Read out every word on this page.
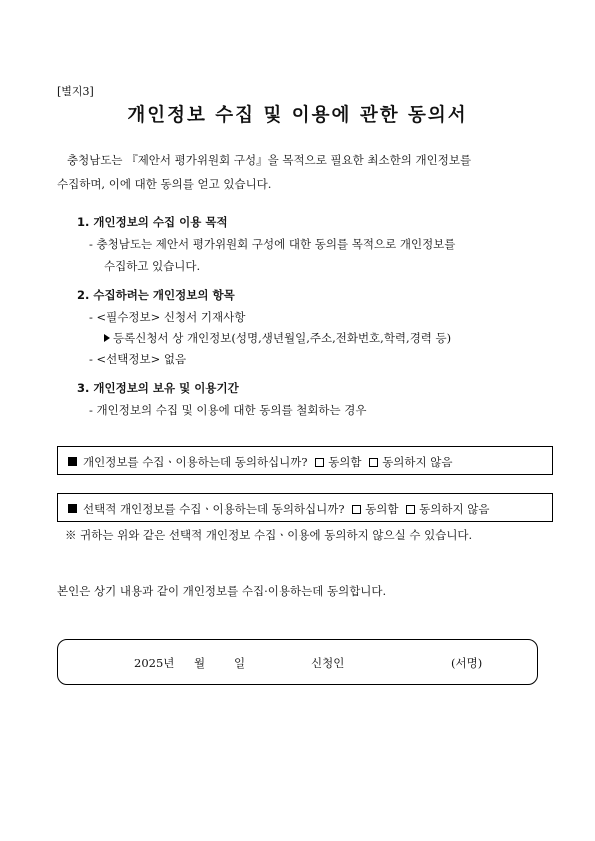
[별지3]
개인정보 수집 및 이용에 관한 동의서
충청남도는 『제안서 평가위원회 구성』을 목적으로 필요한 최소한의 개인정보를
수집하며, 이에 대한 동의를 얻고 있습니다.
1. 개인정보의 수집 이용 목적
- 충청남도는 제안서 평가위원회 구성에 대한 동의를 목적으로 개인정보를
수집하고 있습니다.
2. 수집하려는 개인정보의 항목
- <필수정보> 신청서 기재사항
등록신청서 상 개인정보(성명,생년월일,주소,전화번호,학력,경력 등)
- <선택정보> 없음
3. 개인정보의 보유 및 이용기간
- 개인정보의 수집 및 이용에 대한 동의를 철회하는 경우
개인정보를 수집ㆍ이용하는데 동의하십니까? 동의함 동의하지 않음
선택적 개인정보를 수집ㆍ이용하는데 동의하십니까? 동의함 동의하지 않음
※ 귀하는 위와 같은 선택적 개인정보 수집ㆍ이용에 동의하지 않으실 수 있습니다.
본인은 상기 내용과 같이 개인정보를 수집·이용하는데 동의합니다.
2025년 월	일	신청인	(서명)
